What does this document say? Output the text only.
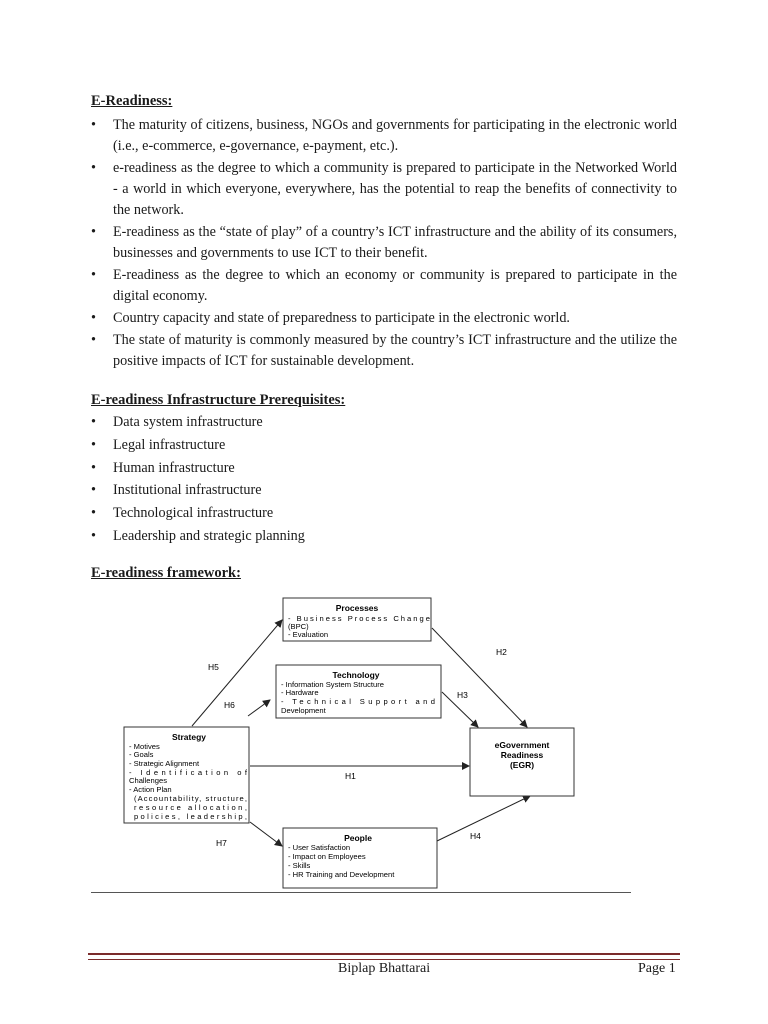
E-Readiness:
• The maturity of citizens, business, NGOs and governments for participating in the electronic world (i.e., e-commerce, e-governance, e-payment, etc.).
• e-readiness as the degree to which a community is prepared to participate in the Networked World - a world in which everyone, everywhere, has the potential to reap the benefits of connectivity to the network.
• E-readiness as the “state of play” of a country’s ICT infrastructure and the ability of its consumers, businesses and governments to use ICT to their benefit.
• E-readiness as the degree to which an economy or community is prepared to participate in the digital economy.
• Country capacity and state of preparedness to participate in the electronic world.
• The state of maturity is commonly measured by the country’s ICT infrastructure and the utilize the positive impacts of ICT for sustainable development.
E-readiness Infrastructure Prerequisites:
• Data system infrastructure
• Legal infrastructure
• Human infrastructure
• Institutional infrastructure
• Technological infrastructure
• Leadership and strategic planning
E-readiness framework:
H1
H2
H3
H4
H5
H6
H7
Processes
- Business Process Change
(BPC)
- Evaluation
Technology
- Information System Structure
- Hardware
- Technical Support and
Development
Strategy
- Motives
- Goals
- Strategic Alignment
- Identification of
Challenges
- Action Plan
(Accountability, structure,
resource allocation,
policies, leadership,
eGovernment
Readiness
(EGR)
People
- User Satisfaction
- Impact on Employees
- Skills
- HR Training and Development
Biplap Bhattarai	Page 1
